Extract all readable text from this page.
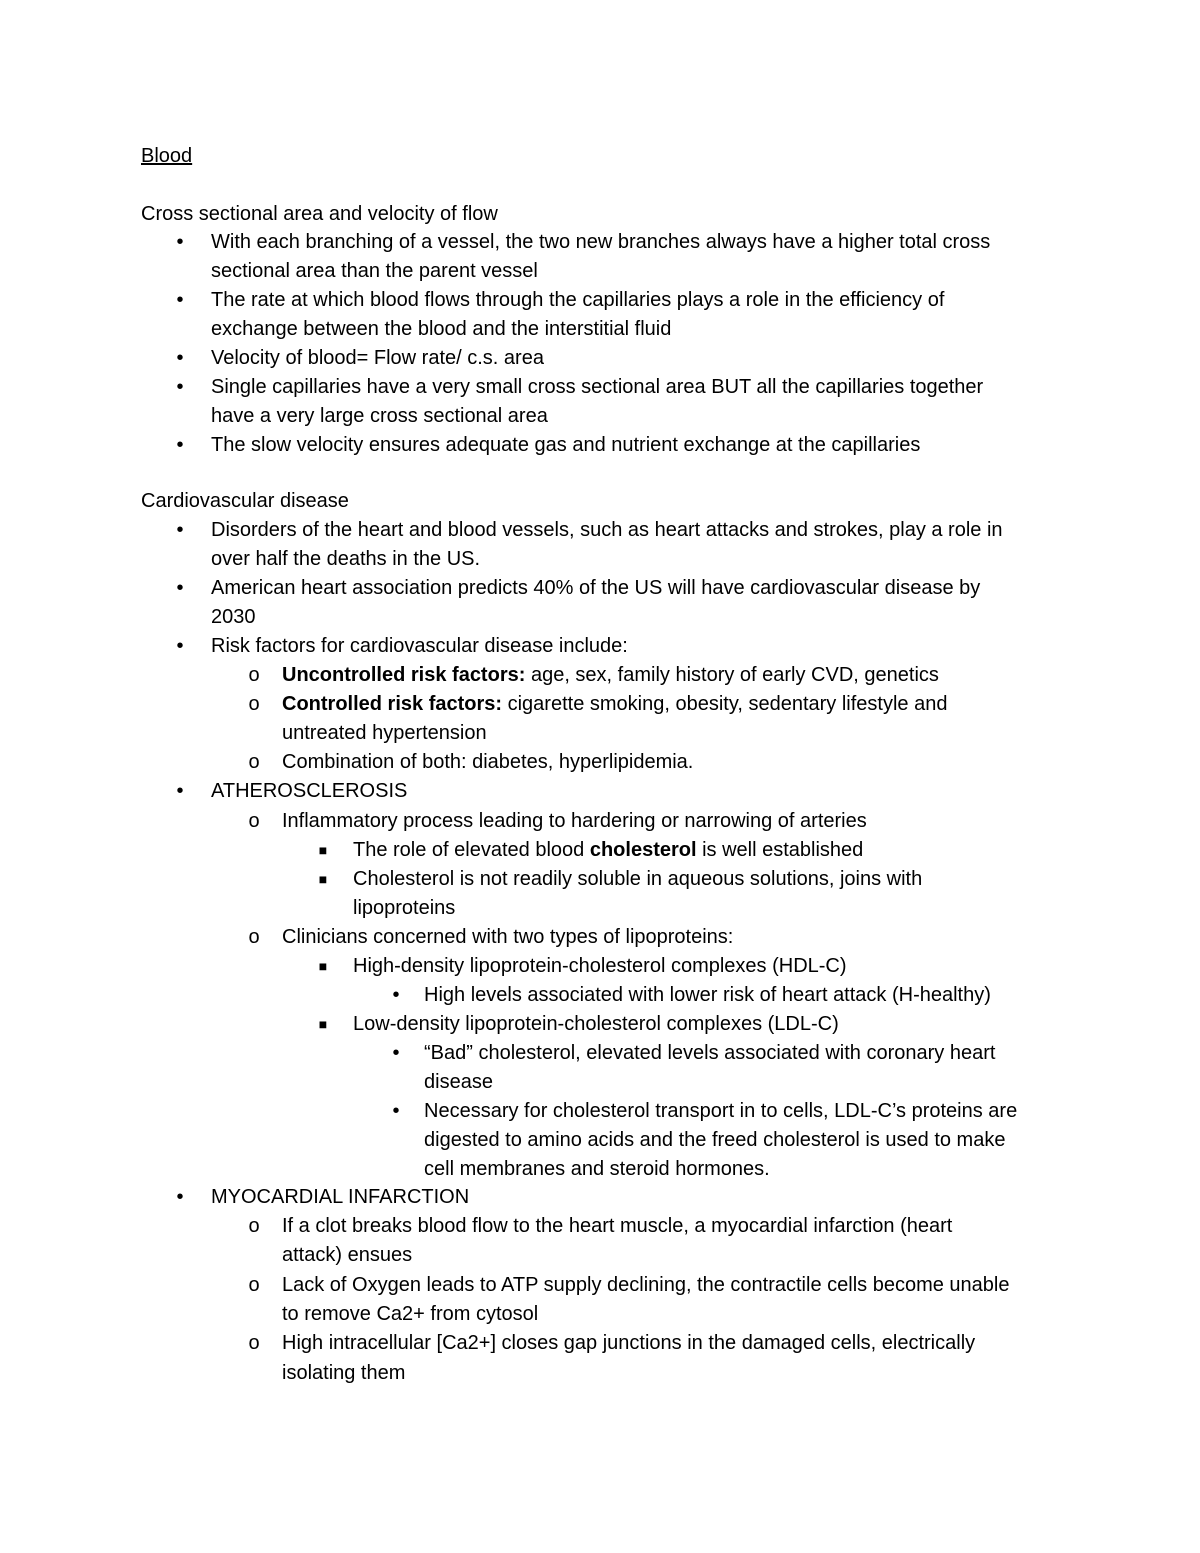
Blood
Cross sectional area and velocity of flow
•	With each branching of a vessel, the two new branches always have a higher total cross
sectional area than the parent vessel
•	The rate at which blood flows through the capillaries plays a role in the efficiency of
exchange between the blood and the interstitial fluid
•	Velocity of blood= Flow rate/ c.s. area
•	Single capillaries have a very small cross sectional area BUT all the capillaries together
have a very large cross sectional area
•	The slow velocity ensures adequate gas and nutrient exchange at the capillaries
Cardiovascular disease
•	Disorders of the heart and blood vessels, such as heart attacks and strokes, play a role in
over half the deaths in the US.
•	American heart association predicts 40% of the US will have cardiovascular disease by
2030
•	Risk factors for cardiovascular disease include:
o Uncontrolled risk factors: age, sex, family history of early CVD, genetics
o Controlled risk factors: cigarette smoking, obesity, sedentary lifestyle and
untreated hypertension
o Combination of both: diabetes, hyperlipidemia.
•	ATHEROSCLEROSIS
o Inflammatory process leading to hardering or narrowing of arteries
■ The role of elevated blood cholesterol is well established
■ Cholesterol is not readily soluble in aqueous solutions, joins with
lipoproteins
o Clinicians concerned with two types of lipoproteins:
■ High-density lipoprotein-cholesterol complexes (HDL-C)
•	High levels associated with lower risk of heart attack (H-healthy)
■ Low-density lipoprotein-cholesterol complexes (LDL-C)
•	“Bad” cholesterol, elevated levels associated with coronary heart
disease
•	Necessary for cholesterol transport in to cells, LDL-C’s proteins are
digested to amino acids and the freed cholesterol is used to make
cell membranes and steroid hormones.
•	MYOCARDIAL INFARCTION
o If a clot breaks blood flow to the heart muscle, a myocardial infarction (heart
attack) ensues
o Lack of Oxygen leads to ATP supply declining, the contractile cells become unable
to remove Ca2+ from cytosol
o High intracellular [Ca2+] closes gap junctions in the damaged cells, electrically
isolating them
